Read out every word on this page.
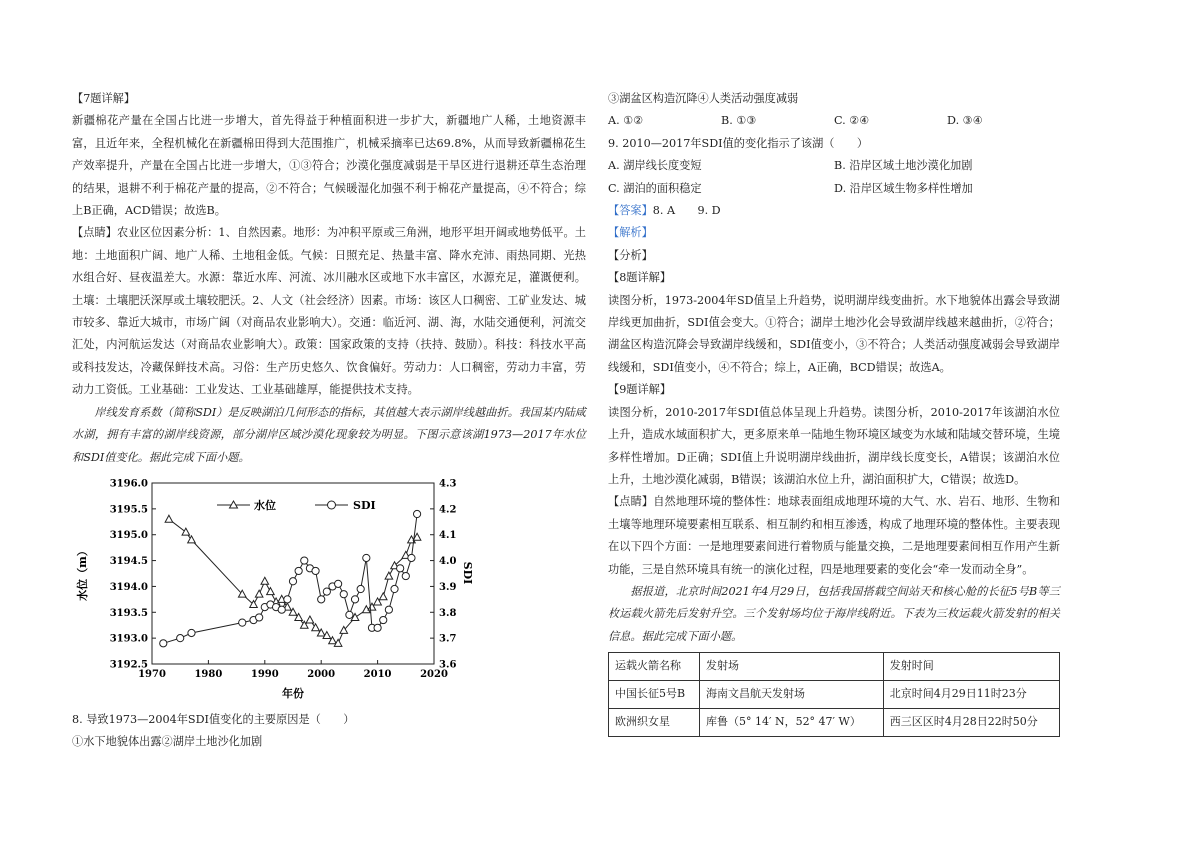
【7题详解】

新疆棉花产量在全国占比进一步增大，首先得益于种植面积进一步扩大，新疆地广人稀，土地资源丰富，且近年来，全程机械化在新疆棉田得到大范围推广，机械采摘率已达69.8%，从而导致新疆棉花生产效率提升，产量在全国占比进一步增大，①③符合；沙漠化强度减弱是干旱区进行退耕还草生态治理的结果，退耕不利于棉花产量的提高，②不符合；气候暖湿化加强不利于棉花产量提高，④不符合；综上B正确，ACD错误；故选B。

【点睛】农业区位因素分析：1、自然因素。地形：为冲积平原或三角洲，地形平坦开阔或地势低平。土地：土地面积广阔、地广人稀、土地租金低。气候：日照充足、热量丰富、降水充沛、雨热同期、光热水组合好、昼夜温差大。水源：靠近水库、河流、冰川融水区或地下水丰富区，水源充足，灌溉便利。土壤：土壤肥沃深厚或土壤较肥沃。2、人文（社会经济）因素。市场：该区人口稠密、工矿业发达、城市较多、靠近大城市，市场广阔（对商品农业影响大）。交通：临近河、湖、海，水陆交通便利，河流交汇处，内河航运发达（对商品农业影响大）。政策：国家政策的支持（扶持、鼓励）。科技：科技水平高或科技发达，冷藏保鲜技术高。习俗：生产历史悠久、饮食偏好。劳动力：人口稠密，劳动力丰富，劳动力工资低。工业基础：工业发达、工业基础雄厚，能提供技术支持。

岸线发育系数（简称SDI）是反映湖泊几何形态的指标，其值越大表示湖岸线越曲折。我国某内陆咸水湖，拥有丰富的湖岸线资源，部分湖岸区域沙漠化现象较为明显。下图示意该湖1973—2017年水位和SDI值变化。据此完成下面小题。

1970	1980	1990	2000	2010	2020
3196.0
3195.5
3195.0
3194.5
3194.0
3193.5
3193.0
3192.5
4.3
4.2
4.1
4.0
3.9
3.8
3.7
3.6
水位	SDI
年份
水位（m）	SDI

8. 导致1973—2004年SDI值变化的主要原因是（　　）

①水下地貌体出露②湖岸土地沙化加剧

③湖盆区构造沉降④人类活动强度减弱

A. ①②	B. ①③	C. ②④	D. ③④

9. 2010—2017年SDI值的变化指示了该湖（　　）

A. 湖岸线长度变短	B. 沿岸区域土地沙漠化加剧
C. 湖泊的面积稳定	D. 沿岸区域生物多样性增加

【答案】8. A　　9. D

【解析】

【分析】

【8题详解】

读图分析，1973-2004年SD值呈上升趋势，说明湖岸线变曲折。水下地貌体出露会导致湖岸线更加曲折，SDI值会变大。①符合；湖岸土地沙化会导致湖岸线越来越曲折，②符合；湖盆区构造沉降会导致湖岸线缓和，SDI值变小，③不符合；人类活动强度减弱会导致湖岸线缓和，SDI值变小，④不符合；综上，A正确，BCD错误；故选A。

【9题详解】

读图分析，2010-2017年SDI值总体呈现上升趋势。读图分析，2010-2017年该湖泊水位上升，造成水域面积扩大，更多原来单一陆地生物环境区域变为水域和陆域交替环境，生境多样性增加。D正确；SDI值上升说明湖岸线曲折，湖岸线长度变长，A错误；该湖泊水位上升，土地沙漠化减弱，B错误；该湖泊水位上升，湖泊面积扩大，C错误；故选D。

【点睛】自然地理环境的整体性：地球表面组成地理环境的大气、水、岩石、地形、生物和土壤等地理环境要素相互联系、相互制约和相互渗透，构成了地理环境的整体性。主要表现在以下四个方面：一是地理要素间进行着物质与能量交换，二是地理要素间相互作用产生新功能，三是自然环境具有统一的演化过程，四是地理要素的变化会“牵一发而动全身”。

据报道，北京时间2021年4月29日，包括我国搭载空间站天和核心舱的长征5号B等三枚运载火箭先后发射升空。三个发射场均位于海岸线附近。下表为三枚运载火箭发射的相关信息。据此完成下面小题。

运载火箭名称	发射场	发射时间
中国长征5号B	海南文昌航天发射场	北京时间4月29日11时23分
欧洲织女星	库鲁（5° 14′ N，52° 47′ W）	西三区区时4月28日22时50分
